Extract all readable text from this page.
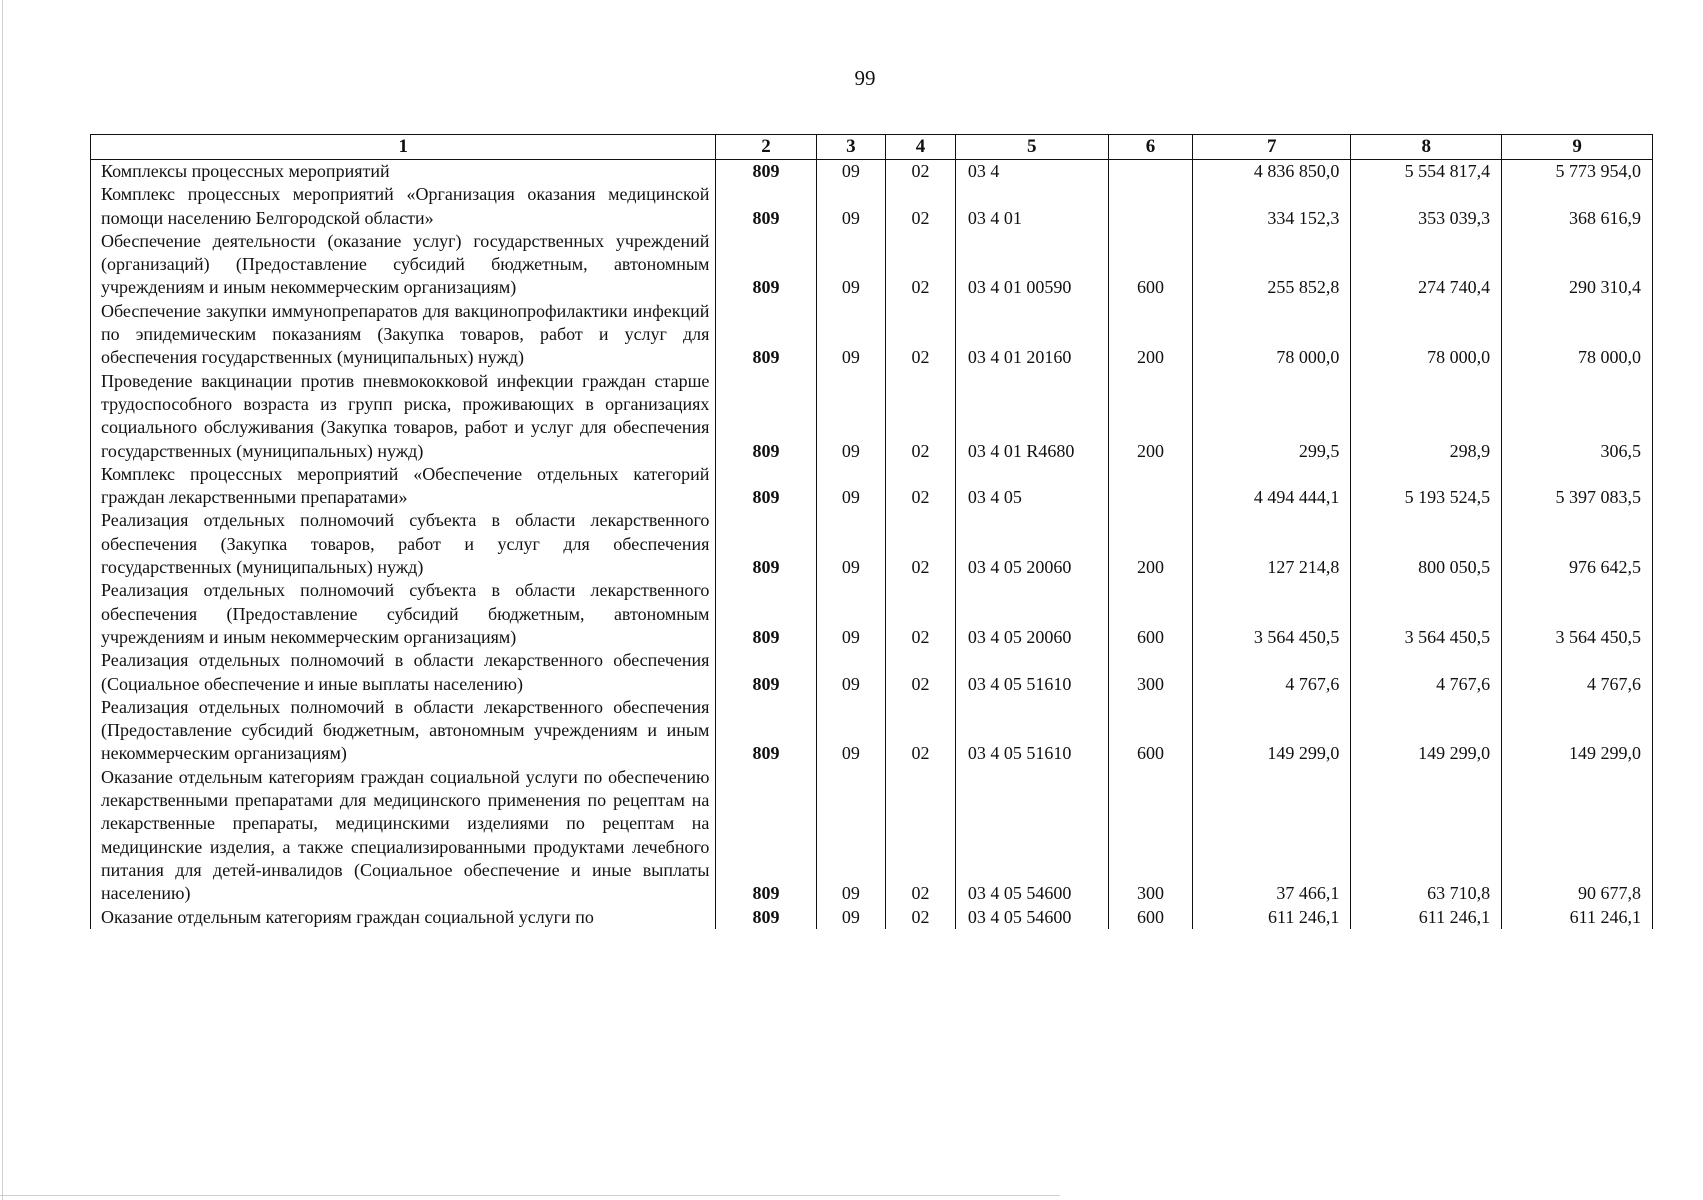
99
1	2	3	4	5	6	7	8	9
Комплексы процессных мероприятий	809	09	02	03 4		4 836 850,0	5 554 817,4	5 773 954,0
Комплекс процессных мероприятий «Организация оказания медицинской помощи населению Белгородской области»	809	09	02	03 4 01		334 152,3	353 039,3	368 616,9
Обеспечение деятельности (оказание услуг) государственных учреждений (организаций) (Предоставление субсидий бюджетным, автономным учреждениям и иным некоммерческим организациям)	809	09	02	03 4 01 00590	600	255 852,8	274 740,4	290 310,4
Обеспечение закупки иммунопрепаратов для вакцинопрофилактики инфекций по эпидемическим показаниям (Закупка товаров, работ и услуг для обеспечения государственных (муниципальных) нужд)	809	09	02	03 4 01 20160	200	78 000,0	78 000,0	78 000,0
Проведение вакцинации против пневмококковой инфекции граждан старше трудоспособного возраста из групп риска, проживающих в организациях социального обслуживания (Закупка товаров, работ и услуг для обеспечения государственных (муниципальных) нужд)	809	09	02	03 4 01 R4680	200	299,5	298,9	306,5
Комплекс процессных мероприятий «Обеспечение отдельных категорий граждан лекарственными препаратами»	809	09	02	03 4 05		4 494 444,1	5 193 524,5	5 397 083,5
Реализация отдельных полномочий субъекта в области лекарственного обеспечения (Закупка товаров, работ и услуг для обеспечения государственных (муниципальных) нужд)	809	09	02	03 4 05 20060	200	127 214,8	800 050,5	976 642,5
Реализация отдельных полномочий субъекта в области лекарственного обеспечения (Предоставление субсидий бюджетным, автономным учреждениям и иным некоммерческим организациям)	809	09	02	03 4 05 20060	600	3 564 450,5	3 564 450,5	3 564 450,5
Реализация отдельных полномочий в области лекарственного обеспечения (Социальное обеспечение и иные выплаты населению)	809	09	02	03 4 05 51610	300	4 767,6	4 767,6	4 767,6
Реализация отдельных полномочий в области лекарственного обеспечения (Предоставление субсидий бюджетным, автономным учреждениям и иным некоммерческим организациям)	809	09	02	03 4 05 51610	600	149 299,0	149 299,0	149 299,0
Оказание отдельным категориям граждан социальной услуги по обеспечению лекарственными препаратами для медицинского применения по рецептам на лекарственные препараты, медицинскими изделиями по рецептам на медицинские изделия, а также специализированными продуктами лечебного питания для детей-инвалидов (Социальное обеспечение и иные выплаты населению)	809	09	02	03 4 05 54600	300	37 466,1	63 710,8	90 677,8
Оказание отдельным категориям граждан социальной услуги по	809	09	02	03 4 05 54600	600	611 246,1	611 246,1	611 246,1
